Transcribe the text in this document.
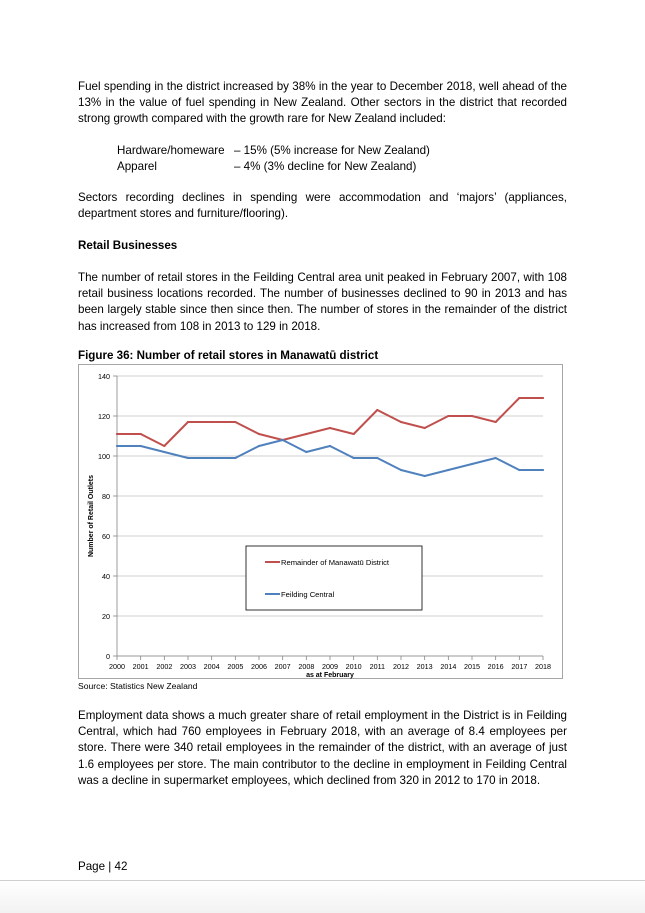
Fuel spending in the district increased by 38% in the year to December 2018, well ahead of the 13% in the value of fuel spending in New Zealand. Other sectors in the district that recorded strong growth compared with the growth rare for New Zealand included:

Hardware/homeware – 15% (5% increase for New Zealand)
Apparel	– 4% (3% decline for New Zealand)

Sectors recording declines in spending were accommodation and ‘majors’ (appliances, department stores and furniture/flooring).

Retail Businesses

The number of retail stores in the Feilding Central area unit peaked in February 2007, with 108 retail business locations recorded. The number of businesses declined to 90 in 2013 and has been largely stable since then since then. The number of stores in the remainder of the district has increased from 108 in 2013 to 129 in 2018.

Figure 36: Number of retail stores in Manawatū district
0
20
40
60
80
100
120
140
2000 2001 2002 2003 2004 2005 2006 2007 2008 2009 2010 2011 2012 2013 2014 2015 2016 2017 2018
as at February
Number of Retail Outlets
Remainder of Manawatū District
Feilding Central
Source: Statistics New Zealand

Employment data shows a much greater share of retail employment in the District is in Feilding Central, which had 760 employees in February 2018, with an average of 8.4 employees per store. There were 340 retail employees in the remainder of the district, with an average of just 1.6 employees per store. The main contributor to the decline in employment in Feilding Central was a decline in supermarket employees, which declined from 320 in 2012 to 170 in 2018.

Page | 42
